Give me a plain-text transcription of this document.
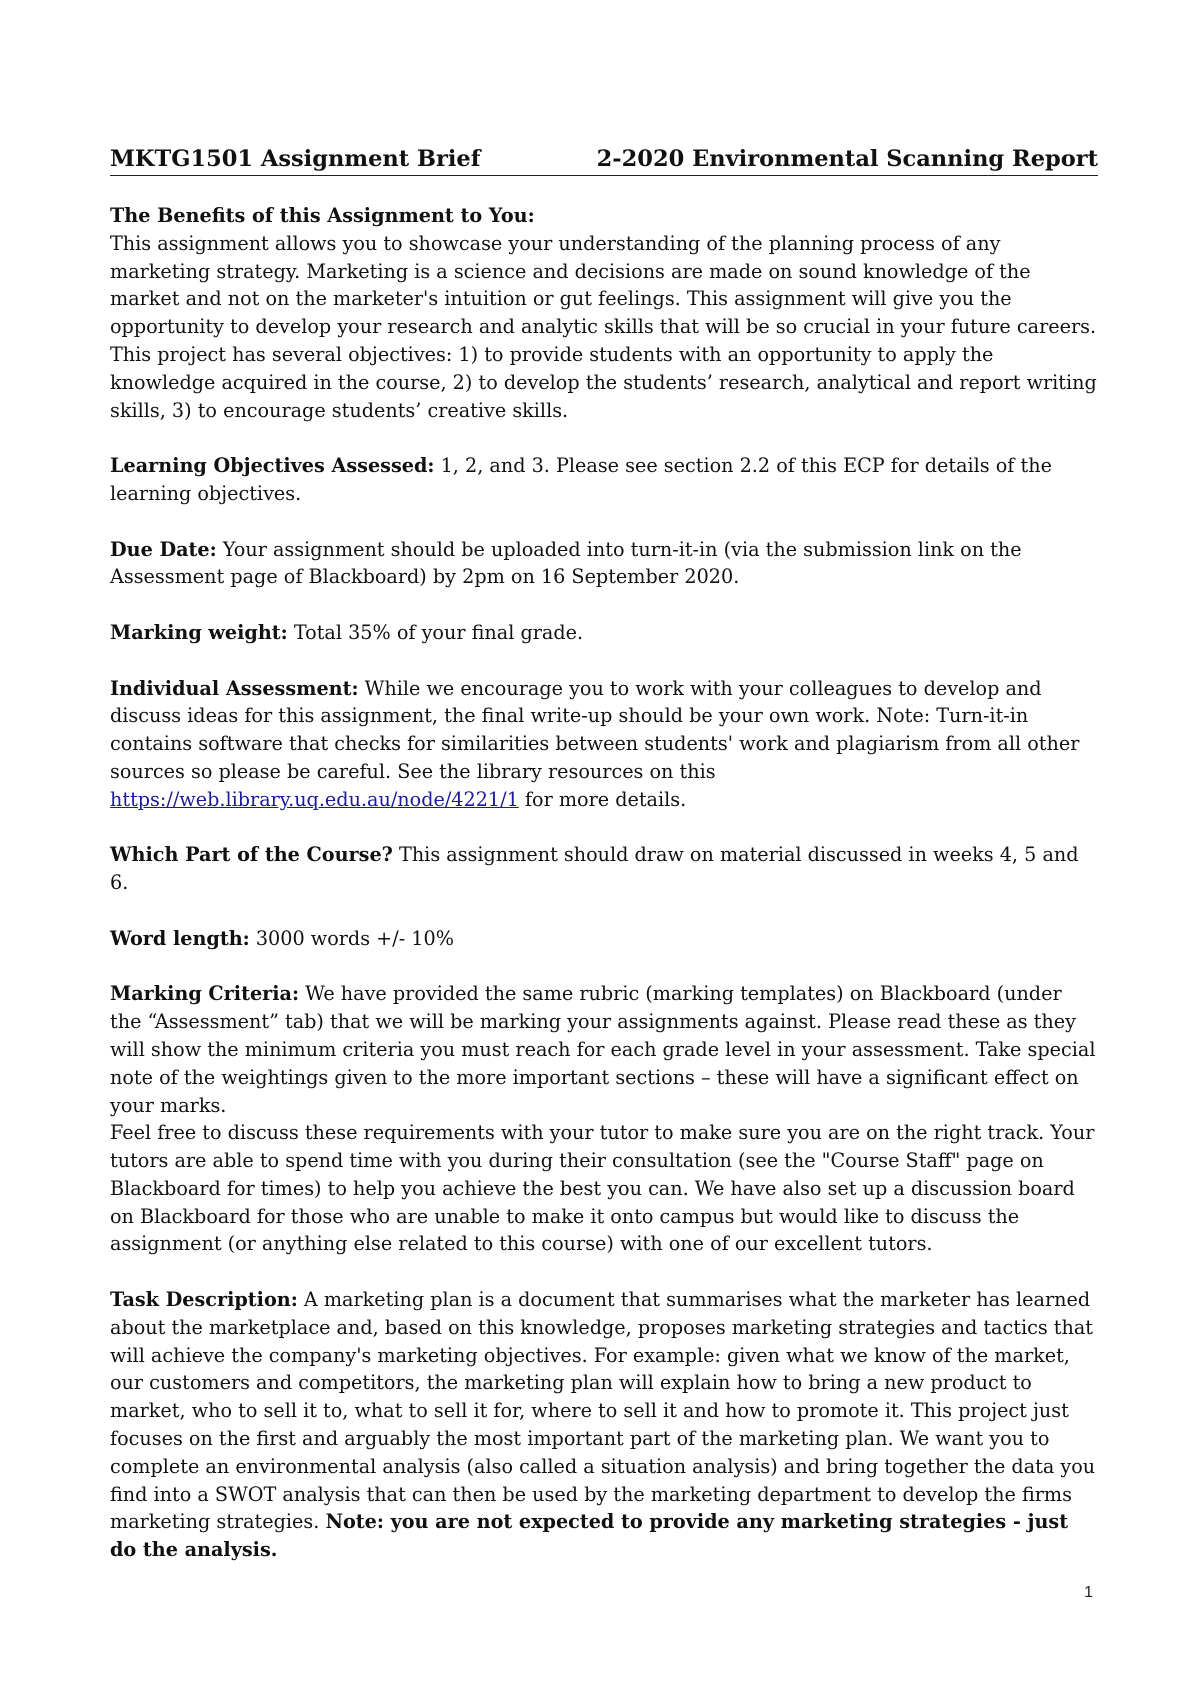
MKTG1501 Assignment Brief	2-2020 Environmental Scanning Report

The Benefits of this Assignment to You:
This assignment allows you to showcase your understanding of the planning process of any marketing strategy. Marketing is a science and decisions are made on sound knowledge of the market and not on the marketer's intuition or gut feelings. This assignment will give you the opportunity to develop your research and analytic skills that will be so crucial in your future careers. This project has several objectives: 1) to provide students with an opportunity to apply the knowledge acquired in the course, 2) to develop the students’ research, analytical and report writing skills, 3) to encourage students’ creative skills.

Learning Objectives Assessed: 1, 2, and 3. Please see section 2.2 of this ECP for details of the learning objectives.

Due Date: Your assignment should be uploaded into turn-it-in (via the submission link on the Assessment page of Blackboard) by 2pm on 16 September 2020.

Marking weight: Total 35% of your final grade.

Individual Assessment: While we encourage you to work with your colleagues to develop and discuss ideas for this assignment, the final write-up should be your own work. Note: Turn-it-in contains software that checks for similarities between students' work and plagiarism from all other sources so please be careful. See the library resources on this https://web.library.uq.edu.au/node/4221/1 for more details.

Which Part of the Course? This assignment should draw on material discussed in weeks 4, 5 and 6.

Word length: 3000 words +/- 10%

Marking Criteria: We have provided the same rubric (marking templates) on Blackboard (under the “Assessment” tab) that we will be marking your assignments against. Please read these as they will show the minimum criteria you must reach for each grade level in your assessment. Take special note of the weightings given to the more important sections – these will have a significant effect on your marks.

Feel free to discuss these requirements with your tutor to make sure you are on the right track. Your tutors are able to spend time with you during their consultation (see the "Course Staff" page on Blackboard for times) to help you achieve the best you can. We have also set up a discussion board on Blackboard for those who are unable to make it onto campus but would like to discuss the assignment (or anything else related to this course) with one of our excellent tutors.

Task Description: A marketing plan is a document that summarises what the marketer has learned about the marketplace and, based on this knowledge, proposes marketing strategies and tactics that will achieve the company's marketing objectives. For example: given what we know of the market, our customers and competitors, the marketing plan will explain how to bring a new product to market, who to sell it to, what to sell it for, where to sell it and how to promote it. This project just focuses on the first and arguably the most important part of the marketing plan. We want you to complete an environmental analysis (also called a situation analysis) and bring together the data you find into a SWOT analysis that can then be used by the marketing department to develop the firms marketing strategies. Note: you are not expected to provide any marketing strategies - just do the analysis.

1
